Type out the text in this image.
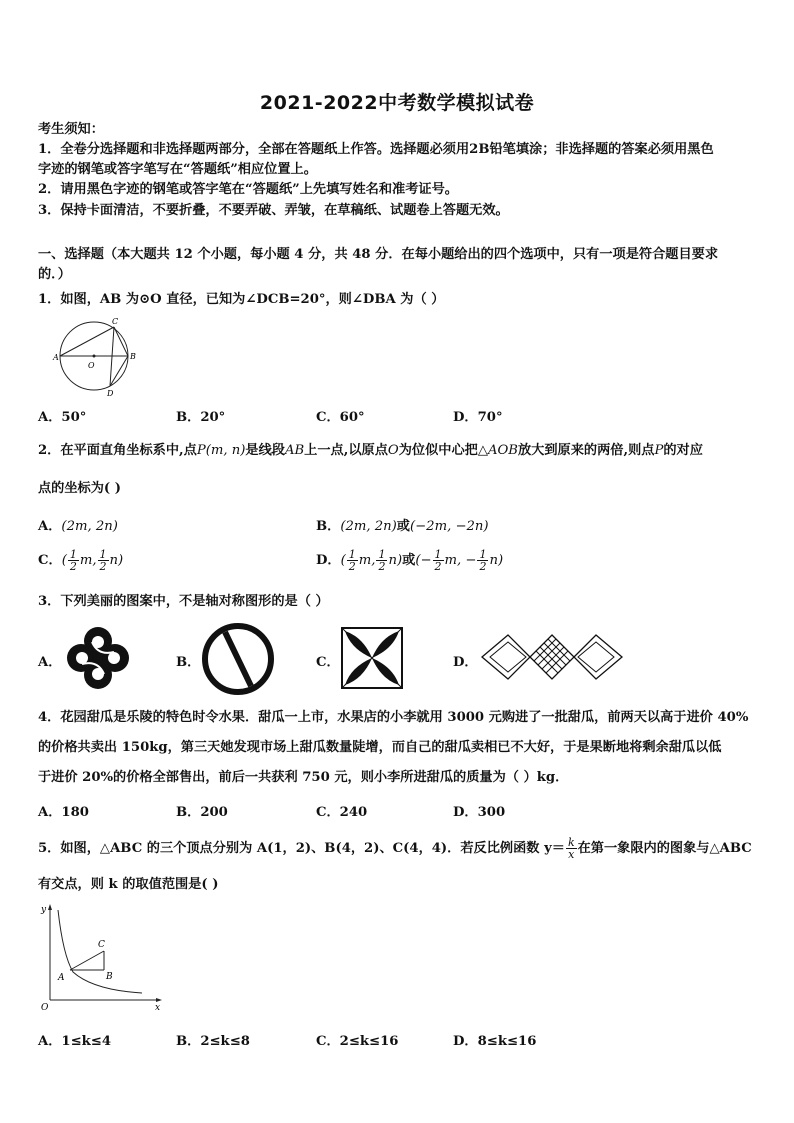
2021-2022中考数学模拟试卷
考生须知：
1．全卷分选择题和非选择题两部分，全部在答题纸上作答。选择题必须用2B铅笔填涂；非选择题的答案必须用黑色
字迹的钢笔或答字笔写在“答题纸”相应位置上。
2．请用黑色字迹的钢笔或答字笔在“答题纸”上先填写姓名和准考证号。
3．保持卡面清洁，不要折叠，不要弄破、弄皱，在草稿纸、试题卷上答题无效。
一、选择题（本大题共 12 个小题，每小题 4 分，共 48 分．在每小题给出的四个选项中，只有一项是符合题目要求
的．）
1．如图，AB 为⊙O 直径，已知为∠DCB=20°，则∠DBA 为（ ）
A
O
C
B
D
A．50°	B．20°	C．60°	D．70°
2．在平面直角坐标系中,点P(m, n)是线段AB上一点,以原点O为位似中心把△AOB放大到原来的两倍,则点P的对应
点的坐标为( )
A．(2m, 2n)	B．(2m, 2n)或(−2m, −2n)
C．( $\frac{1}{2} m$, $\frac{1}{2} n$)	D．( $\frac{1}{2} m$, $\frac{1}{2} n$)或(− $\frac{1}{2} m$, − $\frac{1}{2} n$)
3．下列美丽的图案中，不是轴对称图形的是（ ）
A．	B．	C．	D．
4．花园甜瓜是乐陵的特色时令水果．甜瓜一上市，水果店的小李就用 3000 元购进了一批甜瓜，前两天以高于进价 40%
的价格共卖出 150kg，第三天她发现市场上甜瓜数量陡增，而自己的甜瓜卖相已不大好，于是果断地将剩余甜瓜以低
于进价 20%的价格全部售出，前后一共获利 750 元，则小李所进甜瓜的质量为（ ）kg．
A．180	B．200	C．240	D．300
5．如图，△ABC 的三个顶点分别为 A(1，2)、B(4，2)、C(4，4)．若反比例函数 $y= \frac{k}{x}$ 在第一象限内的图象与△ABC
有交点，则 k 的取值范围是( )
y
x
O
A	B
C
A．1≤k≤4	B．2≤k≤8	C．2≤k≤16	D．8≤k≤16
